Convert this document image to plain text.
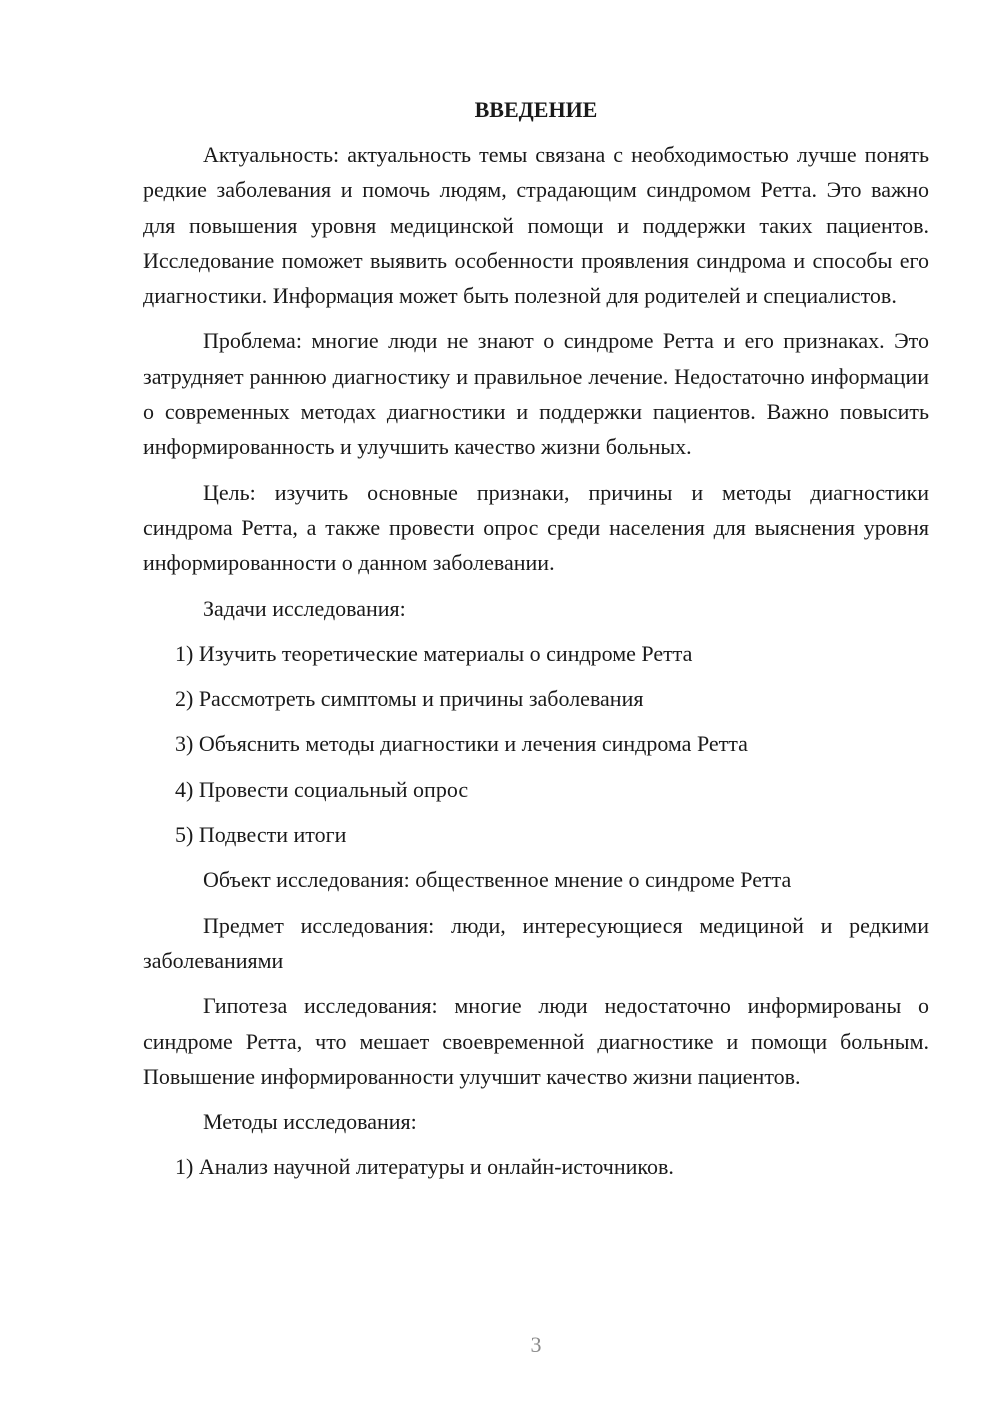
ВВЕДЕНИЕ

Актуальность: актуальность темы связана с необходимостью лучше понять редкие заболевания и помочь людям, страдающим синдромом Ретта. Это важно для повышения уровня медицинской помощи и поддержки таких пациентов. Исследование поможет выявить особенности проявления синдрома и способы его диагностики. Информация может быть полезной для родителей и специалистов.

Проблема: многие люди не знают о синдроме Ретта и его признаках. Это затрудняет раннюю диагностику и правильное лечение. Недостаточно информации о современных методах диагностики и поддержки пациентов. Важно повысить информированность и улучшить качество жизни больных.

Цель: изучить основные признаки, причины и методы диагностики синдрома Ретта, а также провести опрос среди населения для выяснения уровня информированности о данном заболевании.

Задачи исследования:

1) Изучить теоретические материалы о синдроме Ретта
2) Рассмотреть симптомы и причины заболевания
3) Объяснить методы диагностики и лечения синдрома Ретта
4) Провести социальный опрос
5) Подвести итоги

Объект исследования: общественное мнение о синдроме Ретта

Предмет исследования: люди, интересующиеся медициной и редкими заболеваниями

Гипотеза исследования: многие люди недостаточно информированы о синдроме Ретта, что мешает своевременной диагностике и помощи больным. Повышение информированности улучшит качество жизни пациентов.

Методы исследования:

1) Анализ научной литературы и онлайн-источников.
3
